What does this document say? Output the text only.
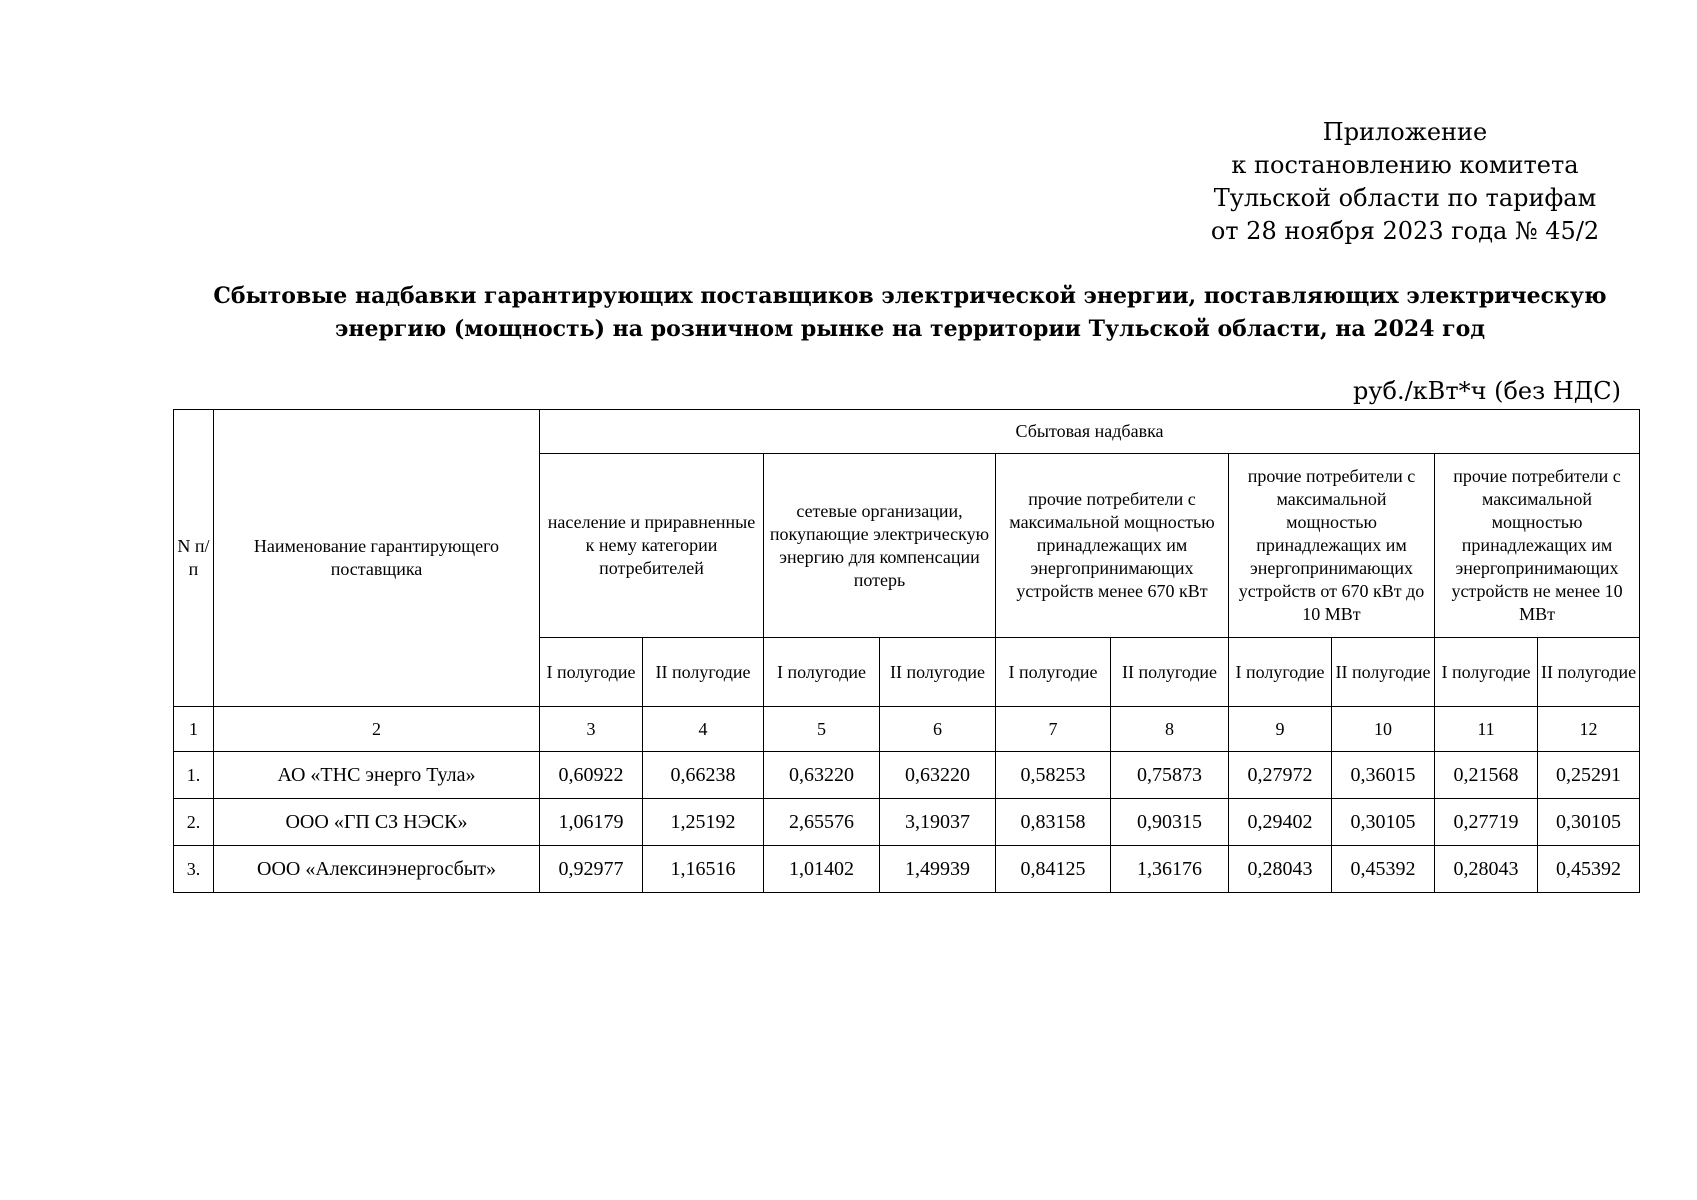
Приложение
к постановлению комитета
Тульской области по тарифам
от 28 ноября 2023 года № 45/2
Сбытовые надбавки гарантирующих поставщиков электрической энергии, поставляющих электрическую
энергию (мощность) на розничном рынке на территории Тульской области, на 2024 год
руб./кВт*ч (без НДС)
N п/п	Наименование гарантирующего поставщика	Сбытовая надбавка									
		население и приравненные к нему категории потребителей		сетевые организации, покупающие электрическую энергию для компенсации потерь		прочие потребители с максимальной мощностью принадлежащих им энергопринимающих устройств менее 670 кВт		прочие потребители с максимальной мощностью принадлежащих им энергопринимающих устройств от 670 кВт до 10 МВт		прочие потребители с максимальной мощностью принадлежащих им энергопринимающих устройств не менее 10 МВт	
		I полугодие	II полугодие	I полугодие	II полугодие	I полугодие	II полугодие	I полугодие	II полугодие	I полугодие	II полугодие
1	2	3	4	5	6	7	8	9	10	11	12
1.	АО «ТНС энерго Тула»	0,60922	0,66238	0,63220	0,63220	0,58253	0,75873	0,27972	0,36015	0,21568	0,25291
2.	ООО «ГП СЗ НЭСК»	1,06179	1,25192	2,65576	3,19037	0,83158	0,90315	0,29402	0,30105	0,27719	0,30105
3.	ООО «Алексинэнергосбыт»	0,92977	1,16516	1,01402	1,49939	0,84125	1,36176	0,28043	0,45392	0,28043	0,45392
